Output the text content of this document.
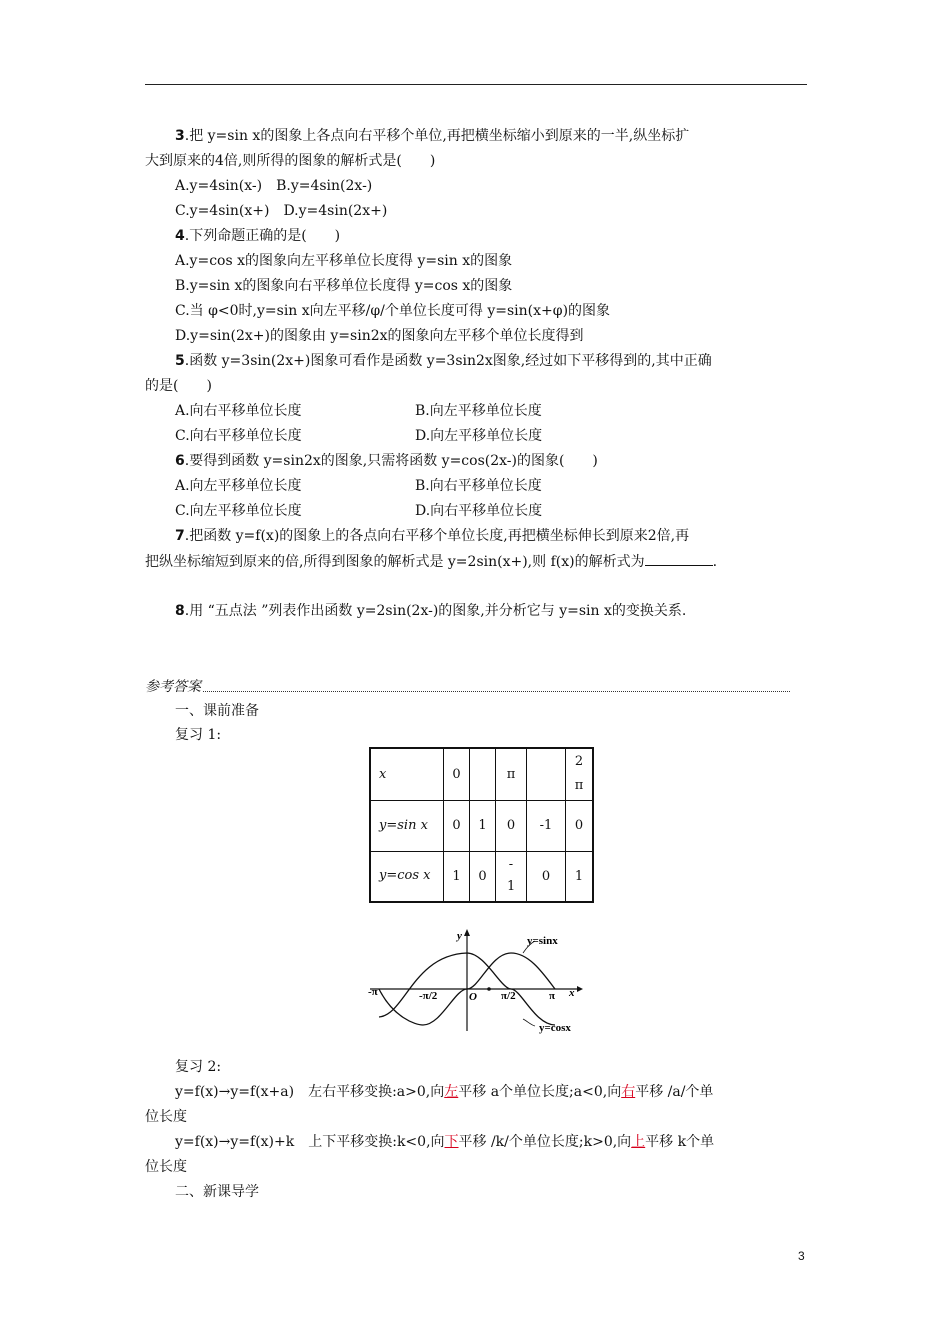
3.把 y=sin x的图象上各点向右平移个单位,再把横坐标缩小到原来的一半,纵坐标扩
大到原来的4倍,则所得的图象的解析式是(　　)
A.y=4sin(x-)　B.y=4sin(2x-)
C.y=4sin(x+)　D.y=4sin(2x+)
4.下列命题正确的是(　　)
A.y=cos x的图象向左平移单位长度得 y=sin x的图象
B.y=sin x的图象向右平移单位长度得 y=cos x的图象
C.当 φ<0时,y=sin x向左平移/φ/个单位长度可得 y=sin(x+φ)的图象
D.y=sin(2x+)的图象由 y=sin2x的图象向左平移个单位长度得到
5.函数 y=3sin(2x+)图象可看作是函数 y=3sin2x图象,经过如下平移得到的,其中正确
的是(　　)
A.向右平移单位长度	B.向左平移单位长度
C.向右平移单位长度	D.向左平移单位长度
6.要得到函数 y=sin2x的图象,只需将函数 y=cos(2x-)的图象(　　)
A.向左平移单位长度	B.向右平移单位长度
C.向左平移单位长度	D.向右平移单位长度
7.把函数 y=f(x)的图象上的各点向右平移个单位长度,再把横坐标伸长到原来2倍,再
把纵坐标缩短到原来的倍,所得到图象的解析式是 y=2sin(x+),则 f(x)的解析式为	.
8.用 “五点法 ”列表作出函数 y=2sin(2x-)的图象,并分析它与 y=sin x的变换关系.
参考答案
一、课前准备
复习 1:
x	0		π		2π
y=sin x	0	1	0	-1	0
y=cos x	1	0	-1	0	1
y
x
O
y=sinx
y=cosx
-π	-π/2	π/2	π
复习 2:
y=f(x)→y=f(x+a)　左右平移变换:a>0,向左平移 a个单位长度;a<0,向右平移 /a/个单
位长度
y=f(x)→y=f(x)+k　上下平移变换:k<0,向下平移 /k/个单位长度;k>0,向上平移 k个单
位长度
二、新课导学
3
